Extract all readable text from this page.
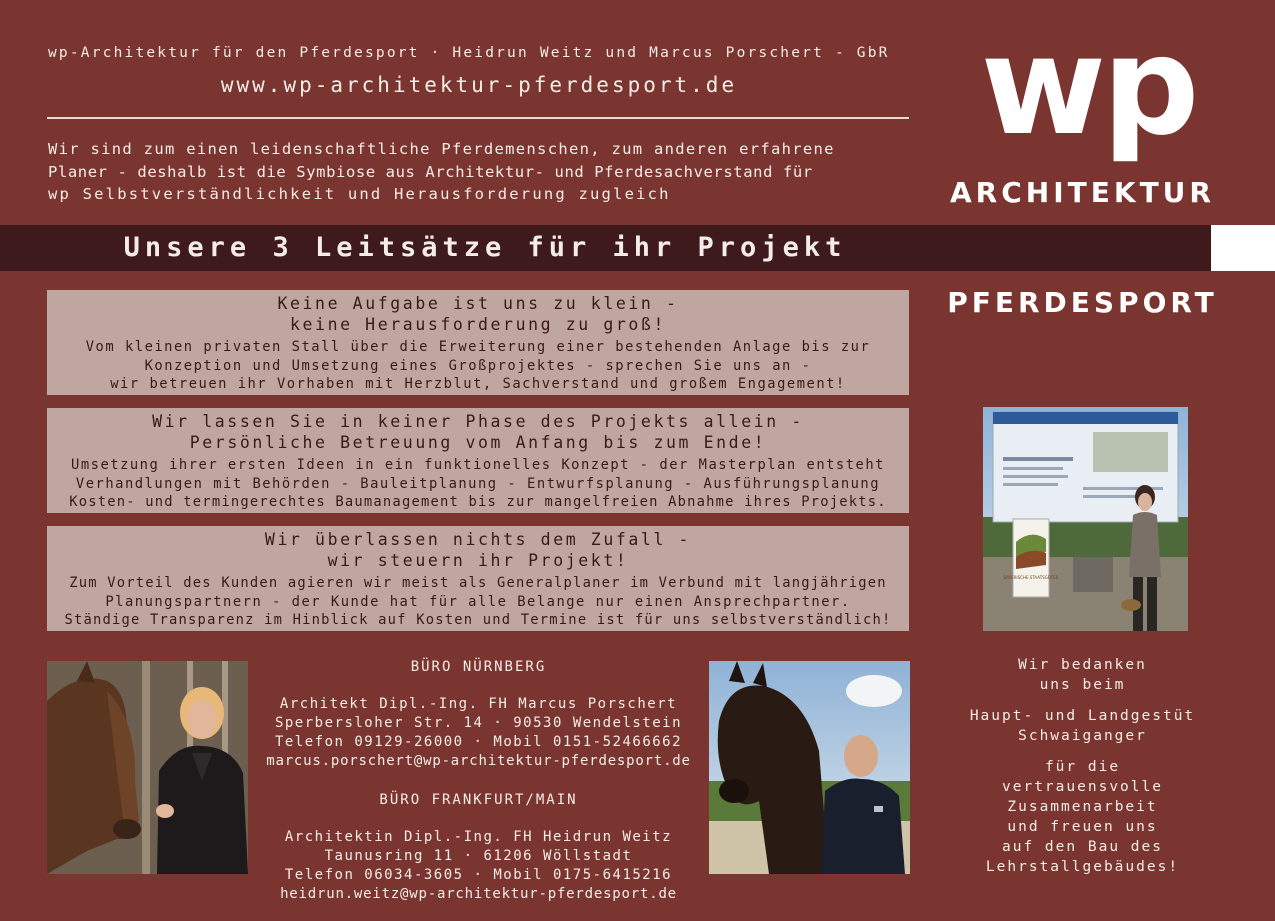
wp-Architektur für den Pferdesport · Heidrun Weitz und Marcus Porschert - GbR
www.wp-architektur-pferdesport.de
Wir sind zum einen leidenschaftliche Pferdemenschen, zum anderen erfahrene
Planer - deshalb ist die Symbiose aus Architektur- und Pferdesachverstand für
wp Selbstverständlichkeit und Herausforderung zugleich
wp
ARCHITEKTUR
PFERDESPORT
Unsere 3 Leitsätze für ihr Projekt
Keine Aufgabe ist uns zu klein -
keine Herausforderung zu groß!
Vom kleinen privaten Stall über die Erweiterung einer bestehenden Anlage bis zur
Konzeption und Umsetzung eines Großprojektes - sprechen Sie uns an -
wir betreuen ihr Vorhaben mit Herzblut, Sachverstand und großem Engagement!
Wir lassen Sie in keiner Phase des Projekts allein -
Persönliche Betreuung vom Anfang bis zum Ende!
Umsetzung ihrer ersten Ideen in ein funktionelles Konzept - der Masterplan entsteht
Verhandlungen mit Behörden - Bauleitplanung - Entwurfsplanung - Ausführungsplanung
Kosten- und termingerechtes Baumanagement bis zur mangelfreien Abnahme ihres Projekts.
Wir überlassen nichts dem Zufall -
wir steuern ihr Projekt!
Zum Vorteil des Kunden agieren wir meist als Generalplaner im Verbund mit langjährigen
Planungspartnern - der Kunde hat für alle Belange nur einen Ansprechpartner.
Ständige Transparenz im Hinblick auf Kosten und Termine ist für uns selbstverständlich!
BAYERISCHE STAATSGÜTER
BÜRO NÜRNBERG
Architekt Dipl.-Ing. FH Marcus Porschert
Sperbersloher Str. 14 · 90530 Wendelstein
Telefon 09129-26000 · Mobil 0151-52466662
marcus.porschert@wp-architektur-pferdesport.de
BÜRO FRANKFURT/MAIN
Architektin Dipl.-Ing. FH Heidrun Weitz
Taunusring 11 · 61206 Wöllstadt
Telefon 06034-3605 · Mobil 0175-6415216
heidrun.weitz@wp-architektur-pferdesport.de
Wir bedanken
uns beim
Haupt- und Landgestüt
Schwaiganger
für die
vertrauensvolle
Zusammenarbeit
und freuen uns
auf den Bau des
Lehrstallgebäudes!
